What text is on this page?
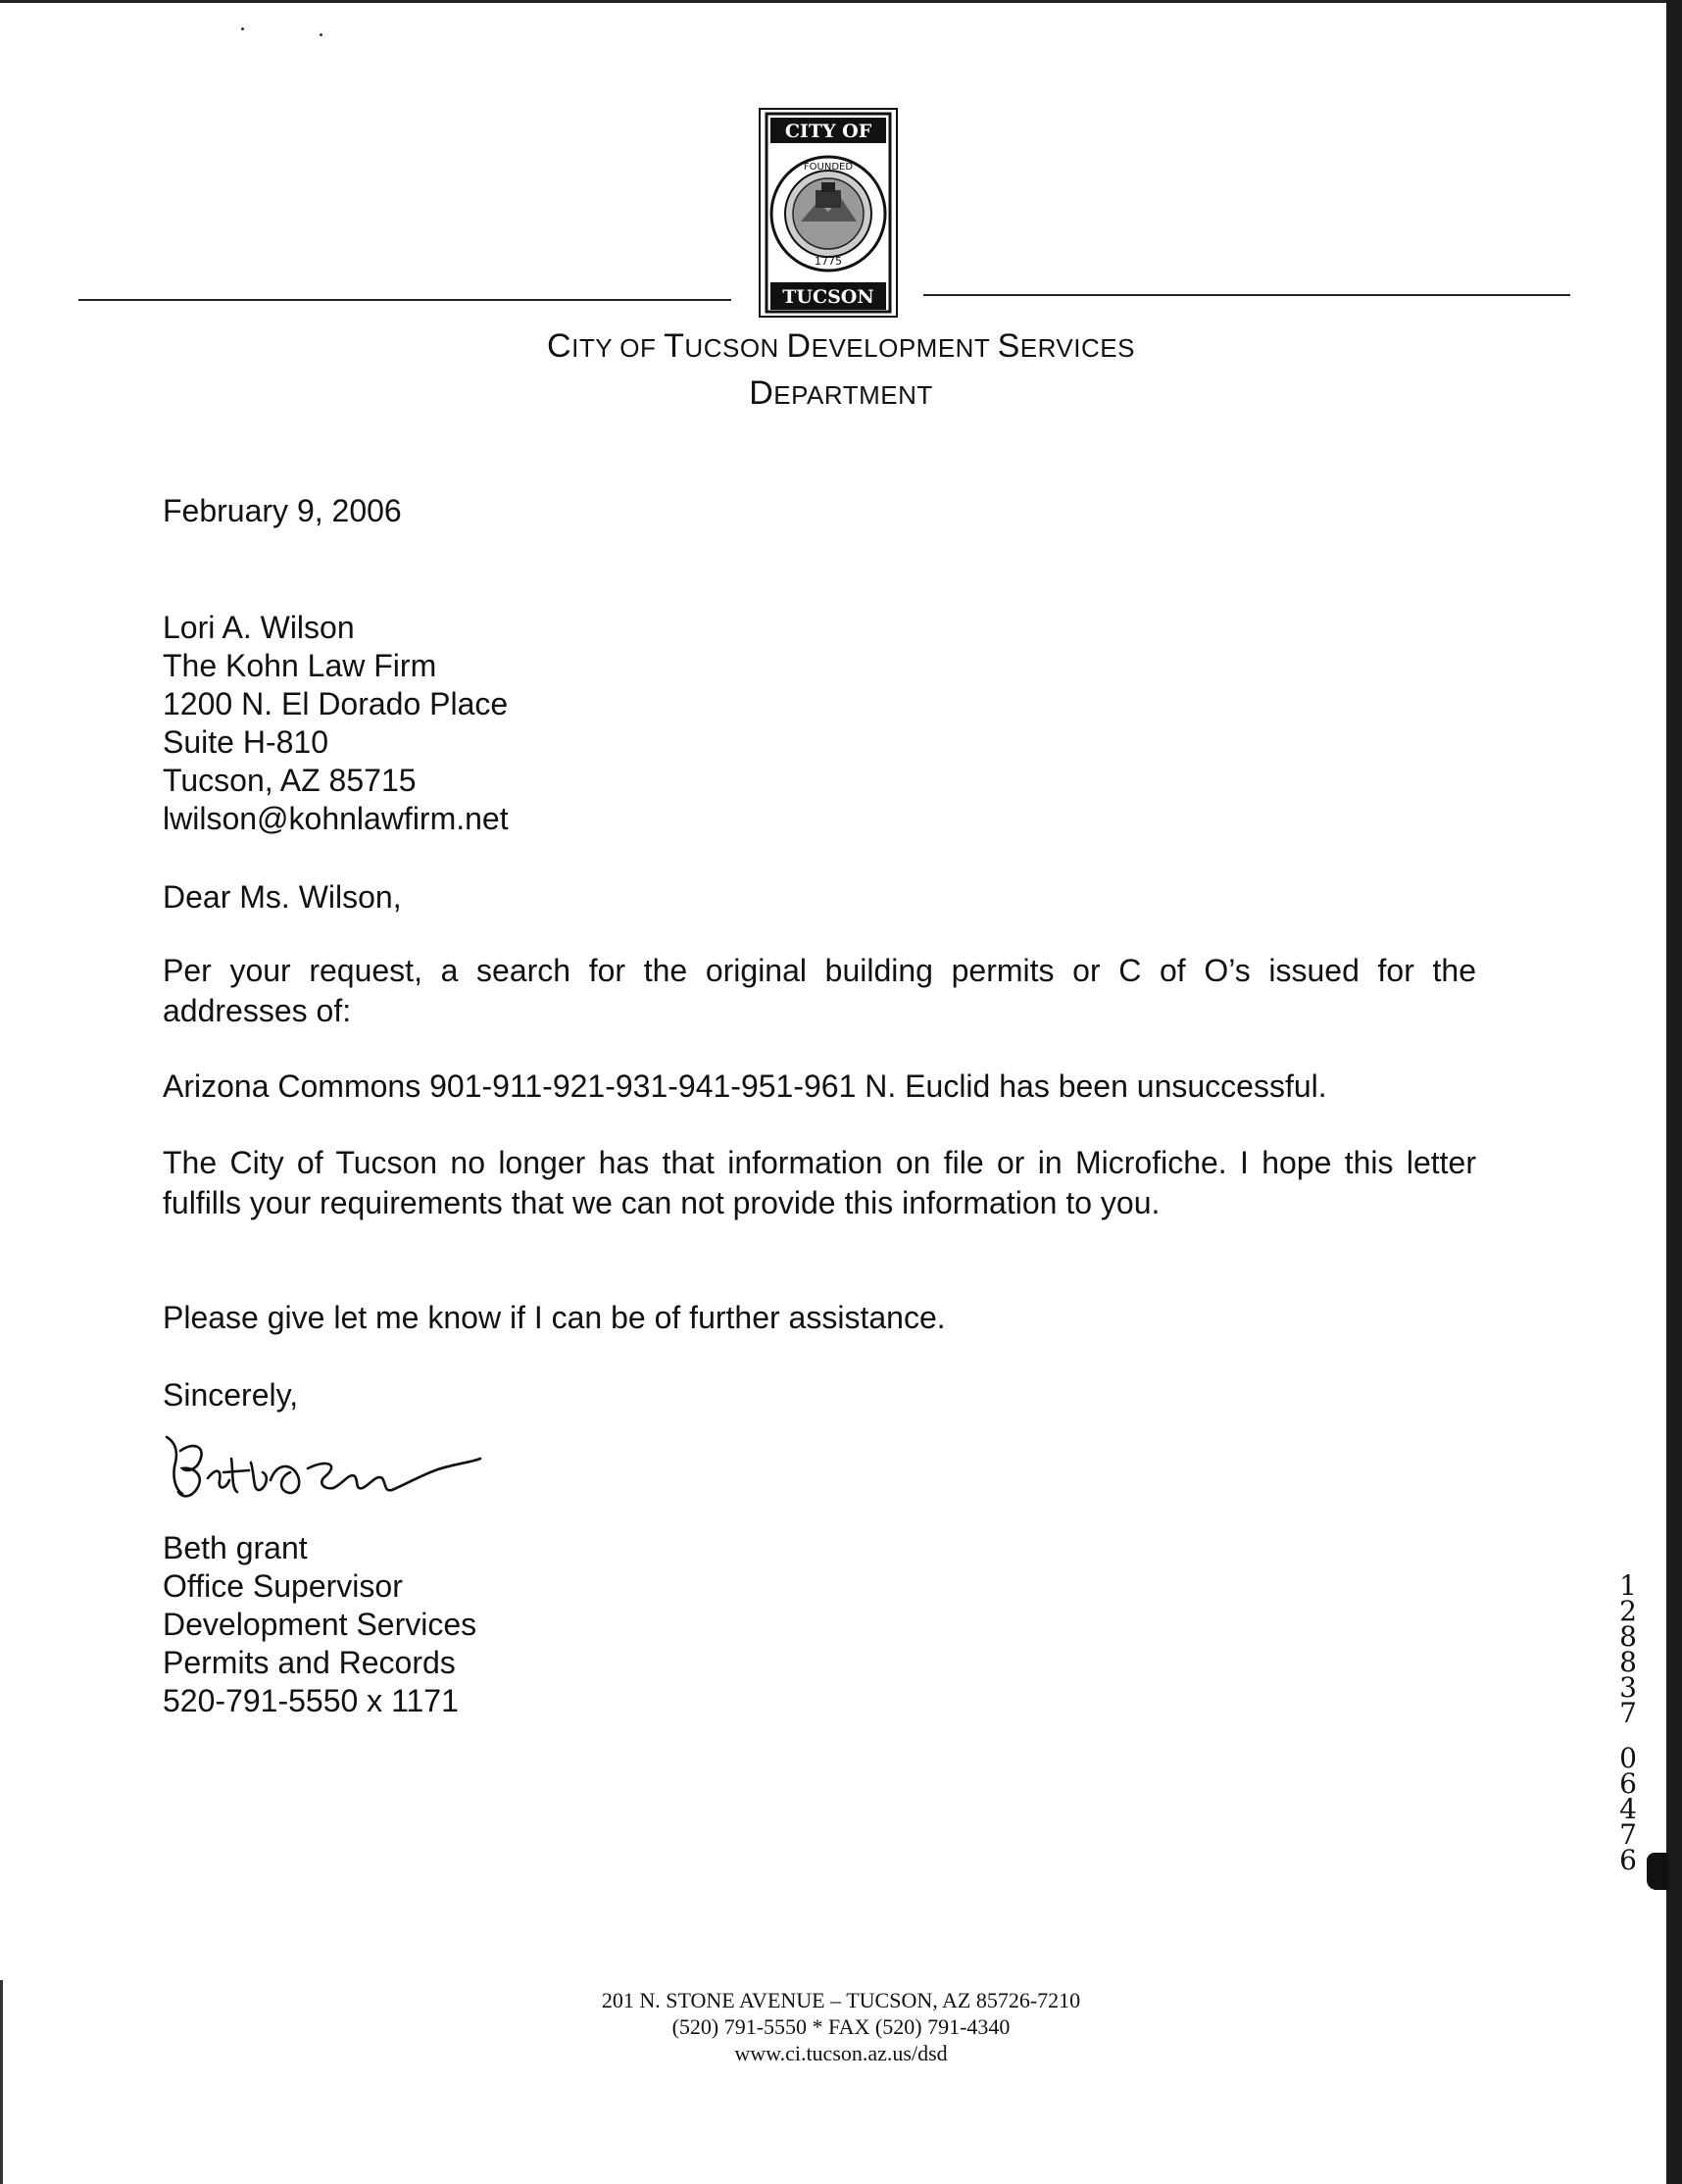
CITY OF
FOUNDED
1775
TUCSON
CITY OF TUCSON DEVELOPMENT SERVICES
DEPARTMENT
February 9, 2006
Lori A. Wilson
The Kohn Law Firm
1200 N. El Dorado Place
Suite H-810
Tucson, AZ 85715
lwilson@kohnlawfirm.net
Dear Ms. Wilson,
Per your request, a search for the original building permits or C of O’s issued for the addresses of:
Arizona Commons 901-911-921-931-941-951-961 N. Euclid has been unsuccessful.
The City of Tucson no longer has that information on file or in Microfiche. I hope this letter fulfills your requirements that we can not provide this information to you.
Please give let me know if I can be of further assistance.
Sincerely,
Beth grant
Office Supervisor
Development Services
Permits and Records
520-791-5550 x 1171
1
2
8
8
3
7
0
6
4
7
6
201 N. STONE AVENUE – TUCSON, AZ 85726-7210
(520) 791-5550 * FAX (520) 791-4340
www.ci.tucson.az.us/dsd
